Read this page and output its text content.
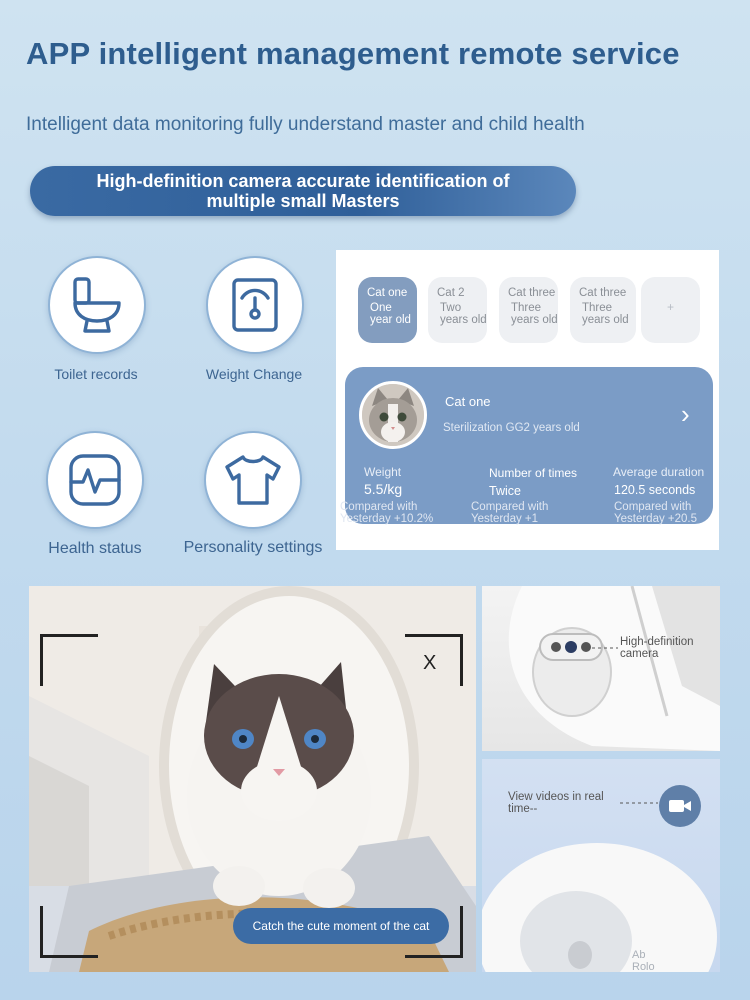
APP intelligent management remote service
Intelligent data monitoring fully understand master and child health
High-definition camera accurate identification of
multiple small Masters
Toilet records	Weight Change
Health status	Personality settings
Cat one
One year old
Cat 2
Two years old
Cat three
Three years old
Cat three
Three years old
+
Cat one
Sterilization GG2 years old	›
Weight
5.5/kg
Compared with
Yesterday +10.2%
Number of times
Twice
Compared with
Yesterday +1
Average duration
120.5 seconds
Compared with
Yesterday +20.5
X
Catch the cute moment of the cat
High-definition
camera
View videos in real
time--
Ab
Rolo
